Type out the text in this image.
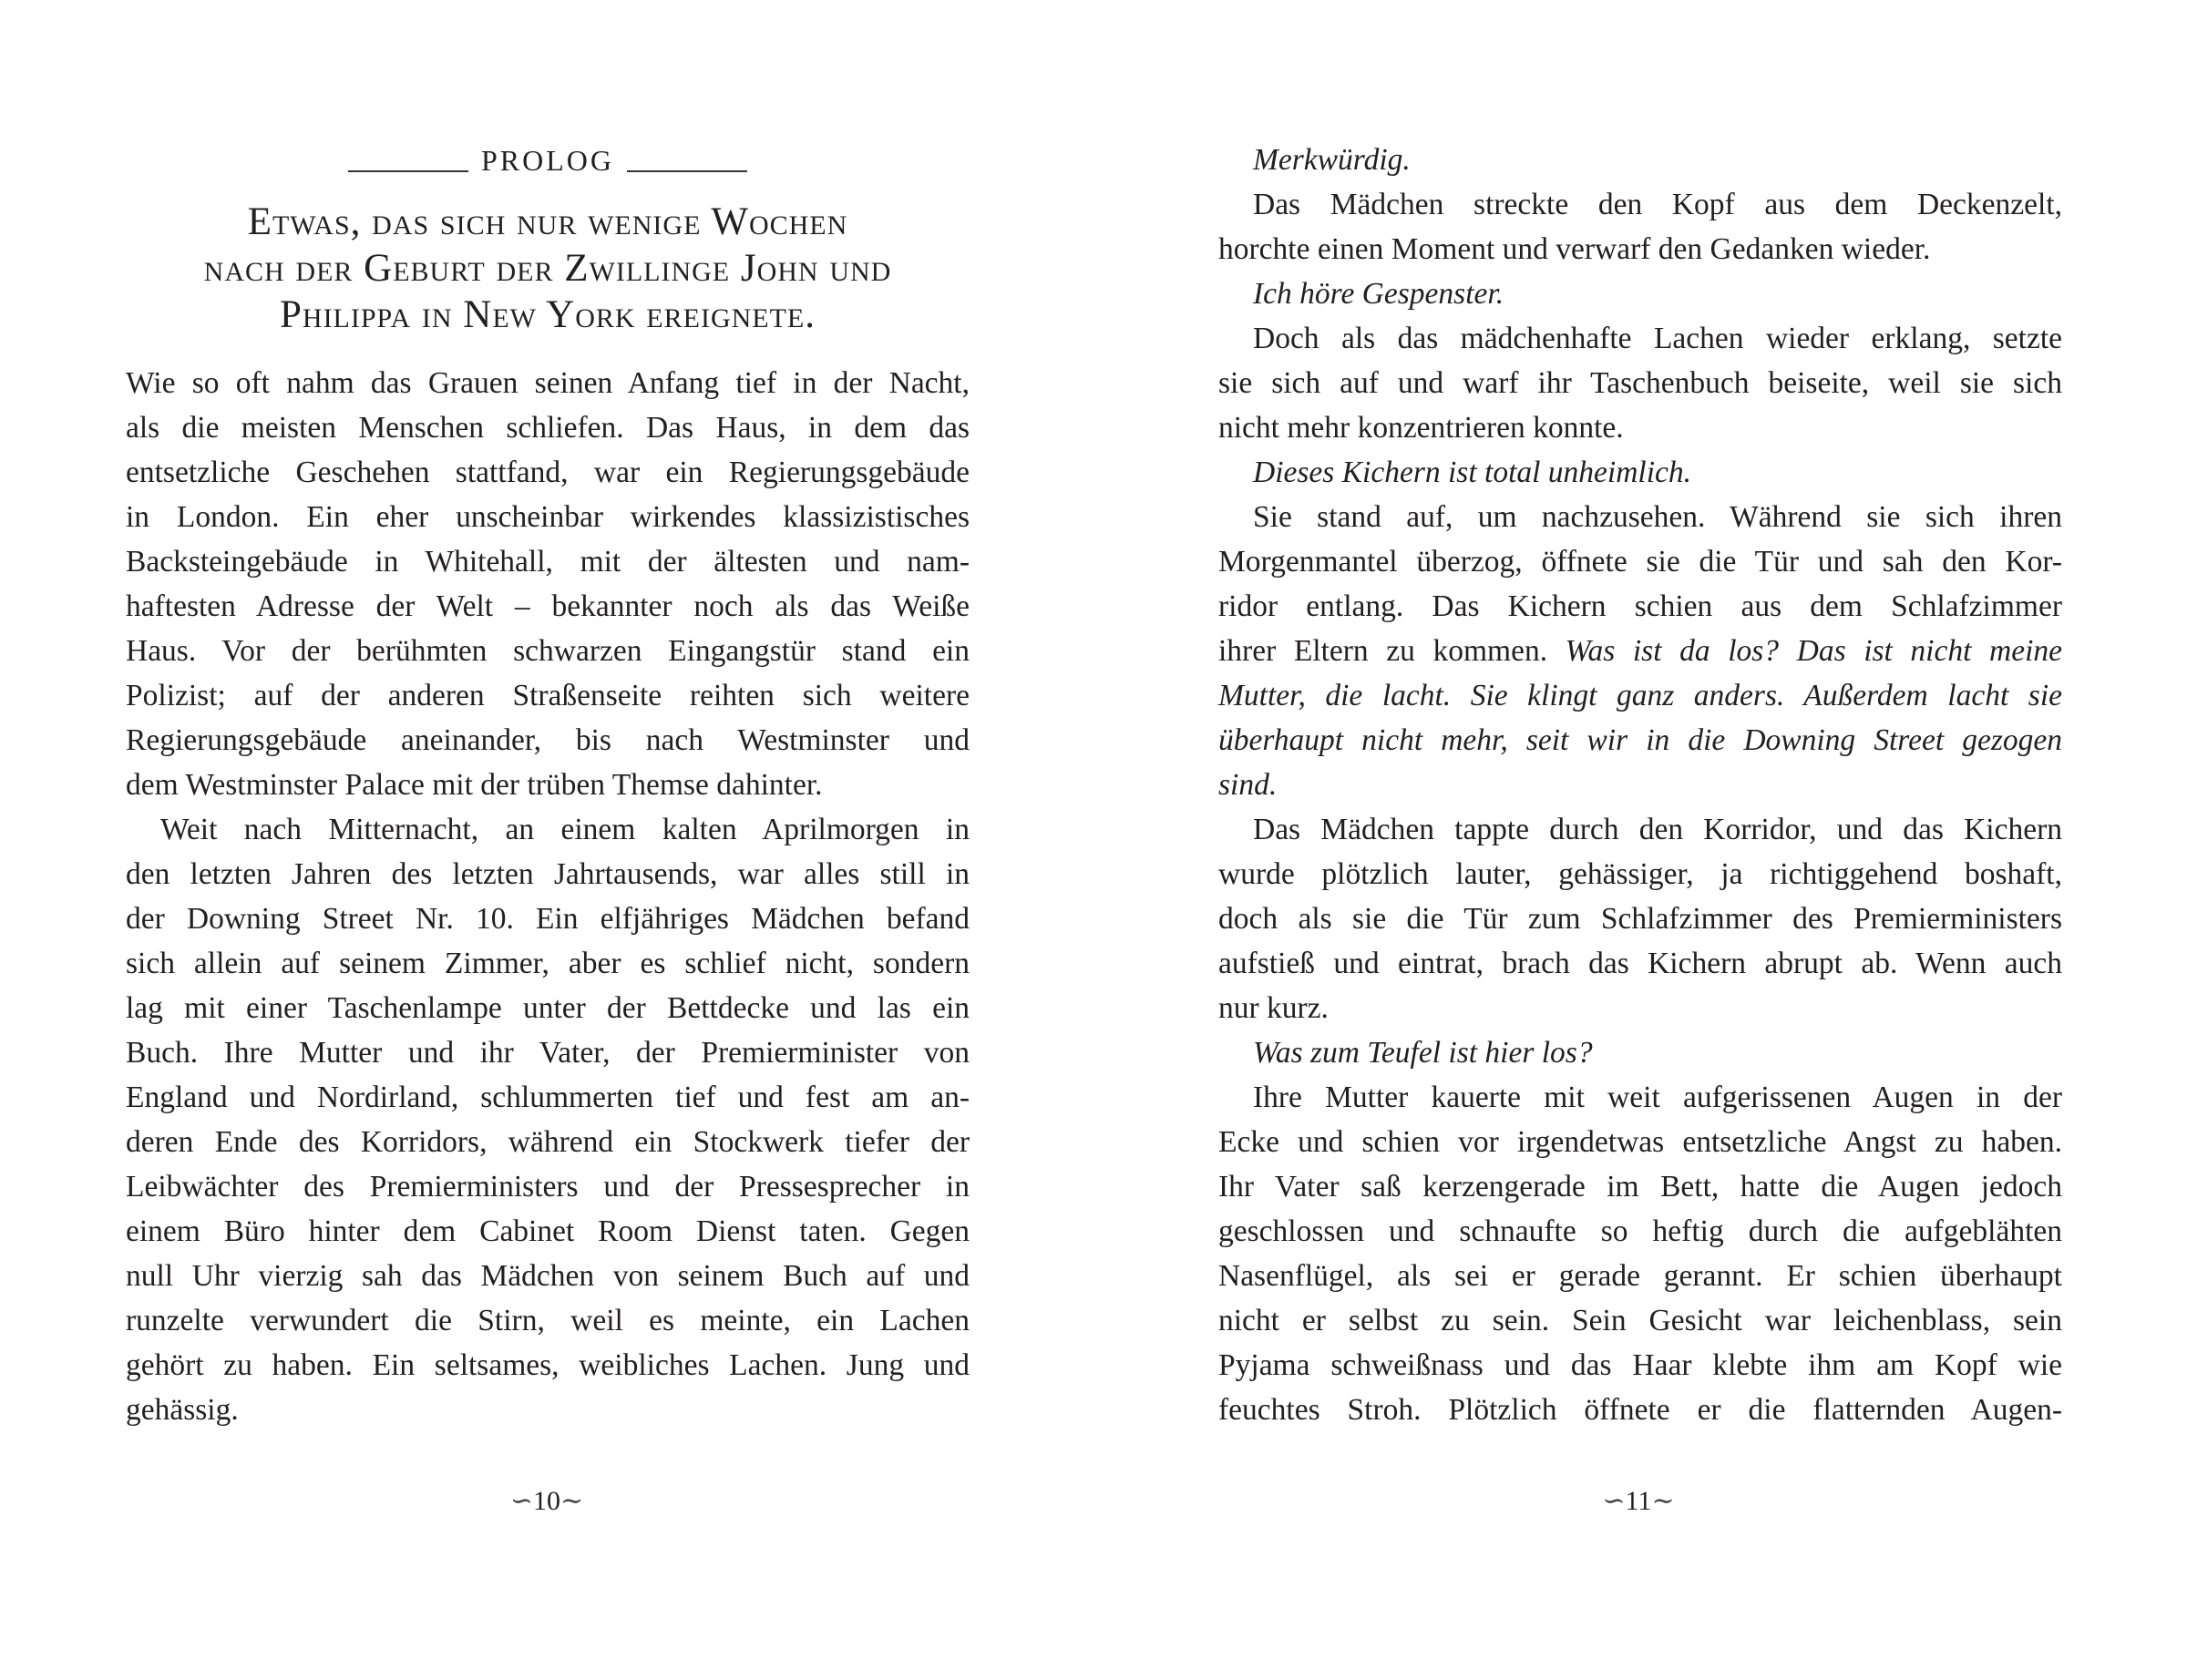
PROLOG
Etwas, das sich nur wenige Wochen
nach der Geburt der Zwillinge John und
Philippa in New York ereignete.
Wie so oft nahm das Grauen seinen Anfang tief in der Nacht,
als die meisten Menschen schliefen. Das Haus, in dem das
entsetzliche Geschehen stattfand, war ein Regierungsgebäude
in London. Ein eher unscheinbar wirkendes klassizistisches
Backsteingebäude in Whitehall, mit der ältesten und nam-
haftesten Adresse der Welt – bekannter noch als das Weiße
Haus. Vor der berühmten schwarzen Eingangstür stand ein
Polizist; auf der anderen Straßenseite reihten sich weitere
Regierungsgebäude aneinander, bis nach Westminster und
dem Westminster Palace mit der trüben Themse dahinter.
Weit nach Mitternacht, an einem kalten Aprilmorgen in
den letzten Jahren des letzten Jahrtausends, war alles still in
der Downing Street Nr. 10. Ein elfjähriges Mädchen befand
sich allein auf seinem Zimmer, aber es schlief nicht, sondern
lag mit einer Taschenlampe unter der Bettdecke und las ein
Buch. Ihre Mutter und ihr Vater, der Premierminister von
England und Nordirland, schlummerten tief und fest am an-
deren Ende des Korridors, während ein Stockwerk tiefer der
Leibwächter des Premierministers und der Pressesprecher in
einem Büro hinter dem Cabinet Room Dienst taten. Gegen
null Uhr vierzig sah das Mädchen von seinem Buch auf und
runzelte verwundert die Stirn, weil es meinte, ein Lachen
gehört zu haben. Ein seltsames, weibliches Lachen. Jung und
gehässig.
Merkwürdig.
Das Mädchen streckte den Kopf aus dem Deckenzelt,
horchte einen Moment und verwarf den Gedanken wieder.
Ich höre Gespenster.
Doch als das mädchenhafte Lachen wieder erklang, setzte
sie sich auf und warf ihr Taschenbuch beiseite, weil sie sich
nicht mehr konzentrieren konnte.
Dieses Kichern ist total unheimlich.
Sie stand auf, um nachzusehen. Während sie sich ihren
Morgenmantel überzog, öffnete sie die Tür und sah den Kor-
ridor entlang. Das Kichern schien aus dem Schlafzimmer
ihrer Eltern zu kommen. Was ist da los? Das ist nicht meine
Mutter, die lacht. Sie klingt ganz anders. Außerdem lacht sie
überhaupt nicht mehr, seit wir in die Downing Street gezogen
sind.
Das Mädchen tappte durch den Korridor, und das Kichern
wurde plötzlich lauter, gehässiger, ja richtiggehend boshaft,
doch als sie die Tür zum Schlafzimmer des Premierministers
aufstieß und eintrat, brach das Kichern abrupt ab. Wenn auch
nur kurz.
Was zum Teufel ist hier los?
Ihre Mutter kauerte mit weit aufgerissenen Augen in der
Ecke und schien vor irgendetwas entsetzliche Angst zu haben.
Ihr Vater saß kerzengerade im Bett, hatte die Augen jedoch
geschlossen und schnaufte so heftig durch die aufgeblähten
Nasenflügel, als sei er gerade gerannt. Er schien überhaupt
nicht er selbst zu sein. Sein Gesicht war leichenblass, sein
Pyjama schweißnass und das Haar klebte ihm am Kopf wie
feuchtes Stroh. Plötzlich öffnete er die flatternden Augen-
∽10∼	∽11∼
